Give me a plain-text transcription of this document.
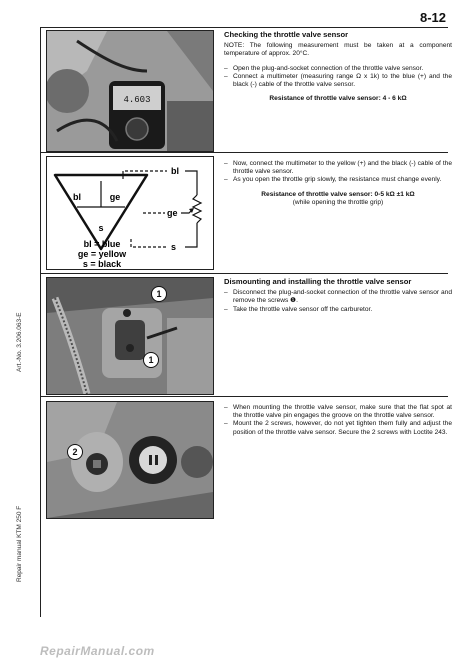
8-12
Art.-No. 3.206.063-E
Repair manual KTM 250 F
4.603
Checking the throttle valve sensor

NOTE: The following measurement must be taken at a component temperature of approx. 20°C.

– Open the plug-and-socket connection of the throttle valve sensor.
– Connect a multimeter (measuring range Ω x 1k) to the blue (+) and the black (-) cable of the throttle valve sensor.

Resistance of throttle valve sensor: 4 - 6 kΩ

bl	ge
s
bl
s
ge
bl = blue
ge = yellow
s = black
– Now, connect the multimeter to the yellow (+) and the black (-) cable of the throttle valve sensor.
– As you open the throttle grip slowly, the resistance must change evenly.

Resistance of throttle valve sensor: 0-5 kΩ ±1 kΩ

(while opening the throttle grip)

1
1
Dismounting and installing the throttle valve sensor
– Disconnect the plug-and-socket connection of the throttle valve sensor and remove the screws ❶.
– Take the throttle valve sensor off the carburetor.
2
– When mounting the throttle valve sensor, make sure that the flat spot at the throttle valve pin engages the groove on the throttle valve sensor.
– Mount the 2 screws, however, do not yet tighten them fully and adjust the position of the throttle valve sensor. Secure the 2 screws with Loctite 243.
RepairManual.com
